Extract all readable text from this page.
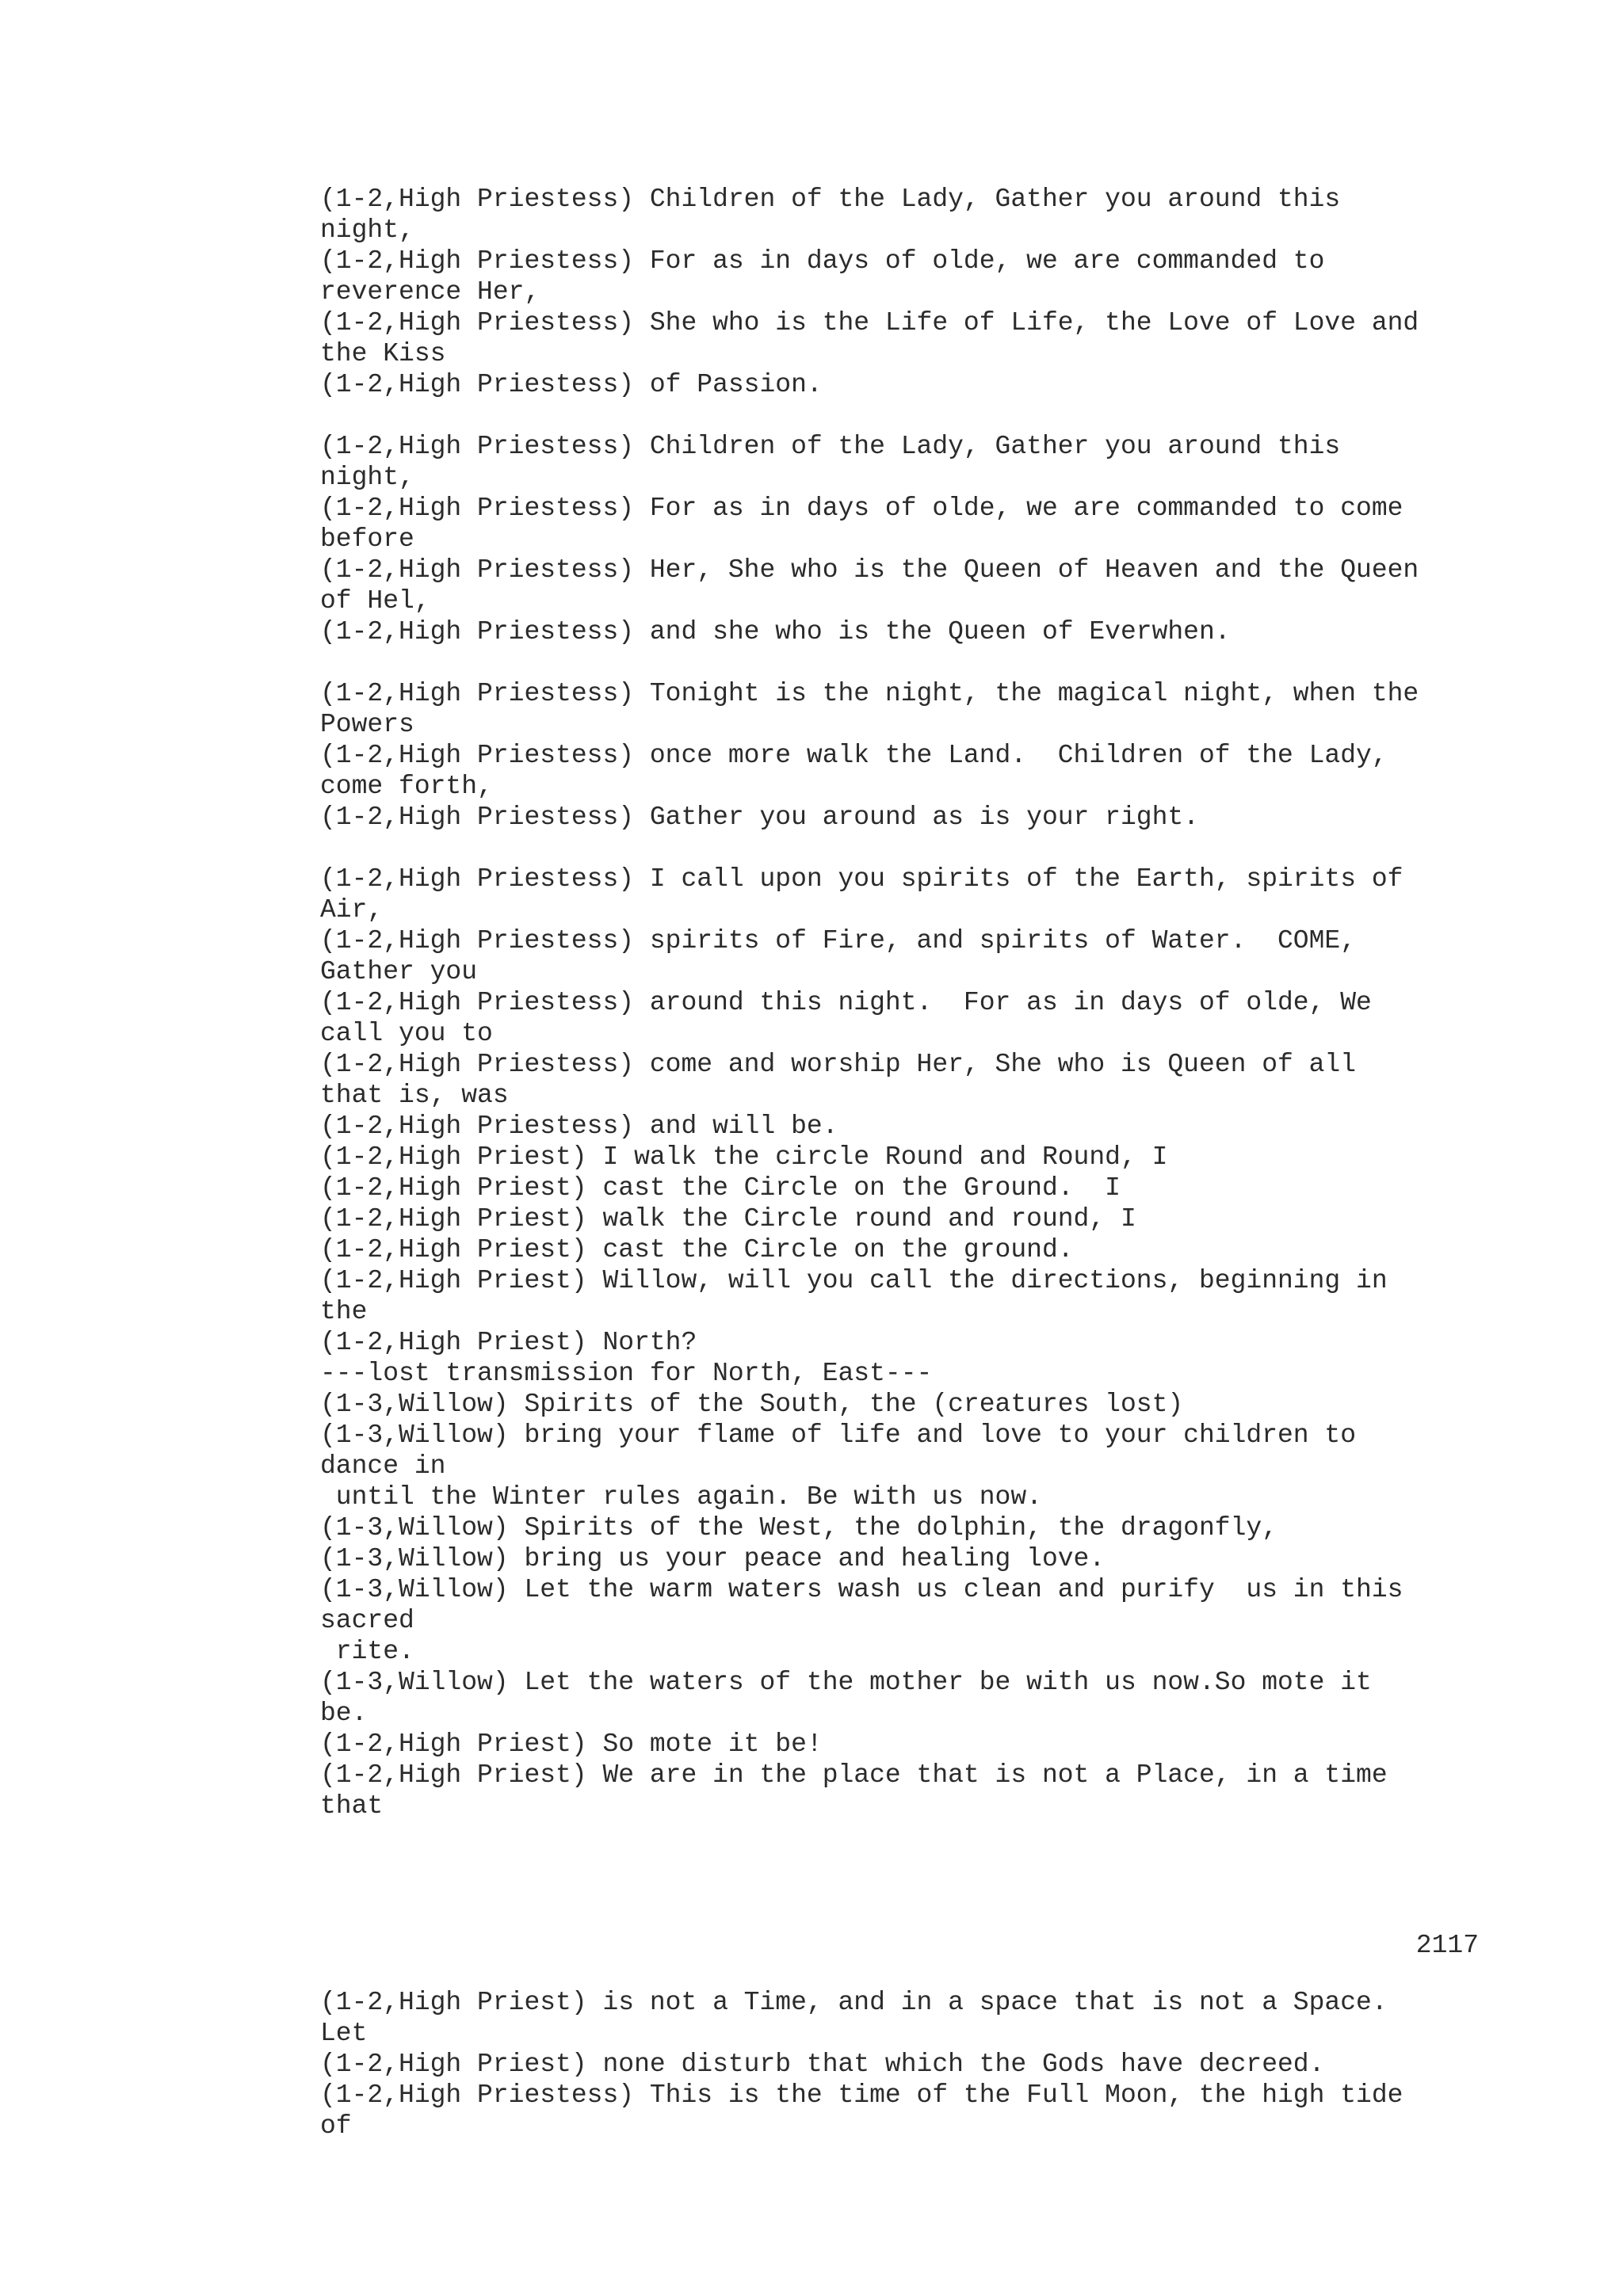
(1-2,High Priestess) Children of the Lady, Gather you around this
night,
(1-2,High Priestess) For as in days of olde, we are commanded to
reverence Her,
(1-2,High Priestess) She who is the Life of Life, the Love of Love and
the Kiss
(1-2,High Priestess) of Passion.
(1-2,High Priestess) Children of the Lady, Gather you around this
night,
(1-2,High Priestess) For as in days of olde, we are commanded to come
before
(1-2,High Priestess) Her, She who is the Queen of Heaven and the Queen
of Hel,
(1-2,High Priestess) and she who is the Queen of Everwhen.
(1-2,High Priestess) Tonight is the night, the magical night, when the
Powers
(1-2,High Priestess) once more walk the Land.  Children of the Lady,
come forth,
(1-2,High Priestess) Gather you around as is your right.
(1-2,High Priestess) I call upon you spirits of the Earth, spirits of
Air,
(1-2,High Priestess) spirits of Fire, and spirits of Water.  COME,
Gather you
(1-2,High Priestess) around this night.  For as in days of olde, We
call you to
(1-2,High Priestess) come and worship Her, She who is Queen of all
that is, was
(1-2,High Priestess) and will be.
(1-2,High Priest) I walk the circle Round and Round, I
(1-2,High Priest) cast the Circle on the Ground.  I
(1-2,High Priest) walk the Circle round and round, I
(1-2,High Priest) cast the Circle on the ground.
(1-2,High Priest) Willow, will you call the directions, beginning in
the
(1-2,High Priest) North?
---lost transmission for North, East---
(1-3,Willow) Spirits of the South, the (creatures lost)
(1-3,Willow) bring your flame of life and love to your children to
dance in
until the Winter rules again. Be with us now.
(1-3,Willow) Spirits of the West, the dolphin, the dragonfly,
(1-3,Willow) bring us your peace and healing love.
(1-3,Willow) Let the warm waters wash us clean and purify  us in this
sacred
rite.
(1-3,Willow) Let the waters of the mother be with us now.So mote it
be.
(1-2,High Priest) So mote it be!
(1-2,High Priest) We are in the place that is not a Place, in a time
that
2117
(1-2,High Priest) is not a Time, and in a space that is not a Space.
Let
(1-2,High Priest) none disturb that which the Gods have decreed.
(1-2,High Priestess) This is the time of the Full Moon, the high tide
of
